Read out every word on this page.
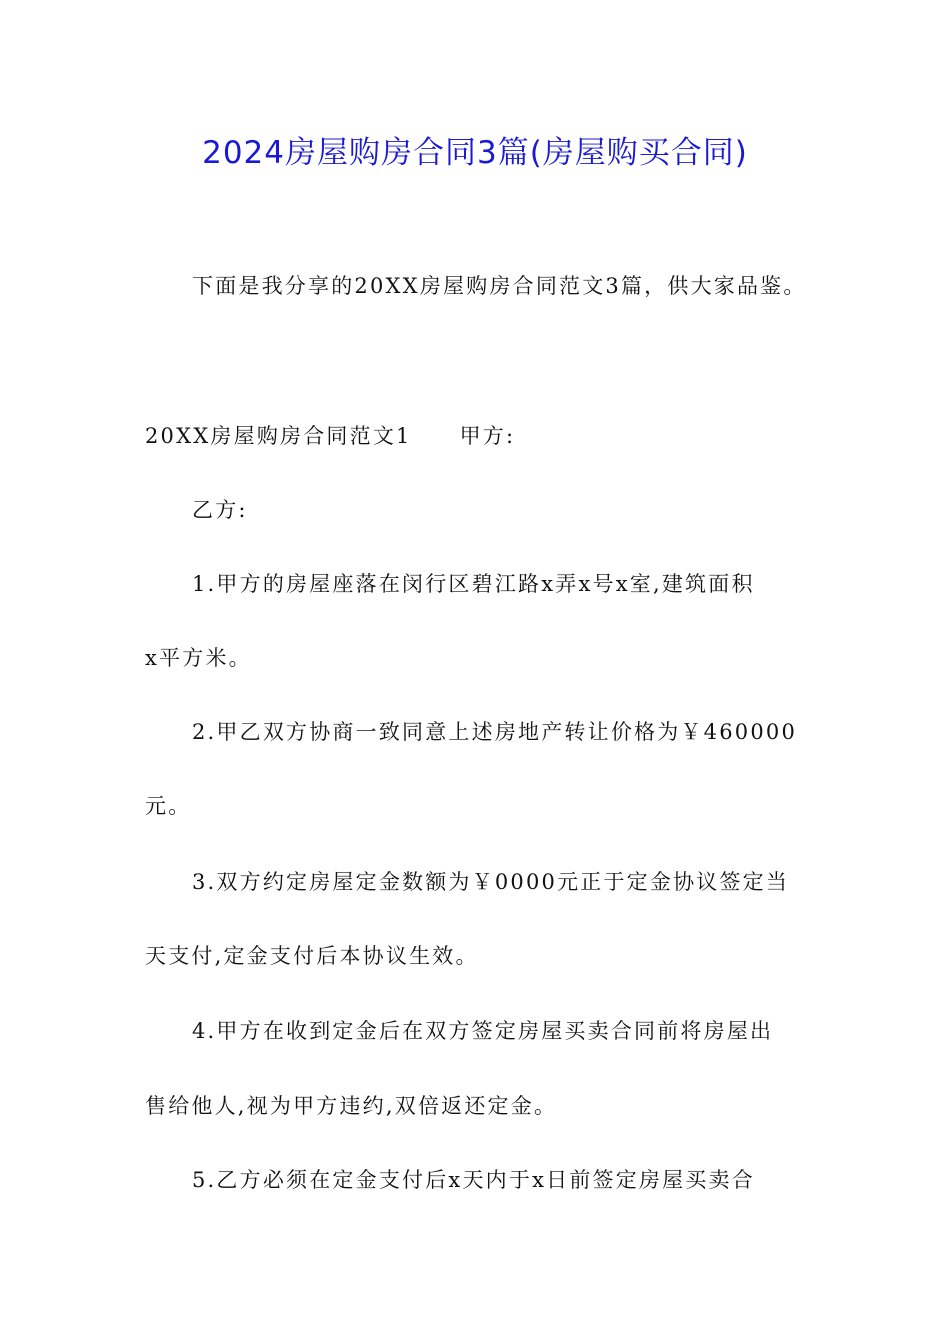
2024房屋购房合同3篇(房屋购买合同)
下面是我分享的20XX房屋购房合同范文3篇，供大家品鉴。
20XX房屋购房合同范文1 甲方:
乙方:
1.甲方的房屋座落在闵行区碧江路x弄x号x室,建筑面积
x平方米。
2.甲乙双方协商一致同意上述房地产转让价格为￥460000
元。
3.双方约定房屋定金数额为￥0000元正于定金协议签定当
天支付,定金支付后本协议生效。
4.甲方在收到定金后在双方签定房屋买卖合同前将房屋出
售给他人,视为甲方违约,双倍返还定金。
5.乙方必须在定金支付后x天内于x日前签定房屋买卖合
